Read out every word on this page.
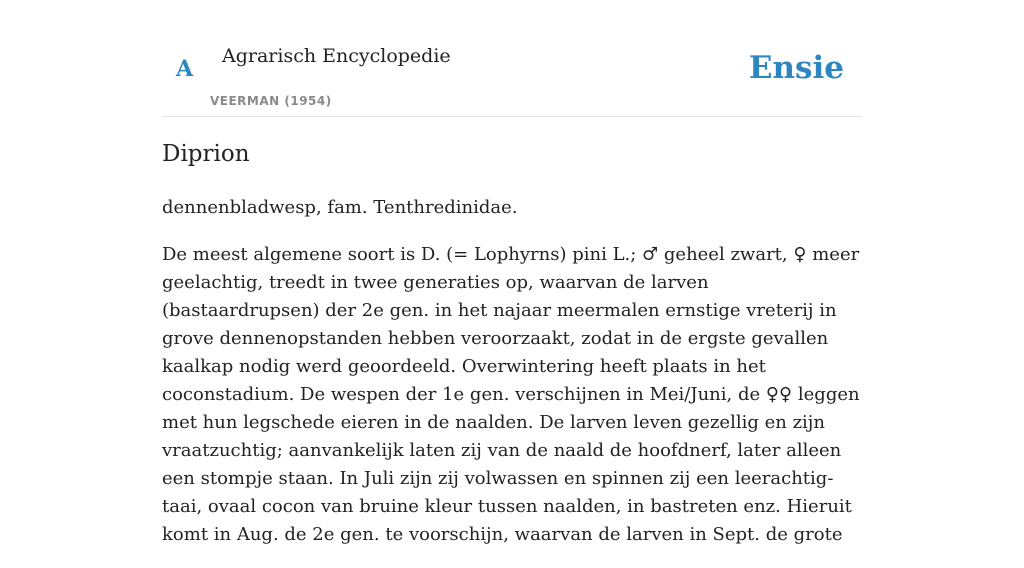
A Agrarisch Encyclopedie
VEERMAN (1954)
Ensie
Diprion

dennenbladwesp, fam. Tenthredinidae.

De meest algemene soort is D. (= Lophyrns) pini L.; ♂ geheel zwart, ♀ meer geelachtig, treedt in twee generaties op, waarvan de larven (bastaardrupsen) der 2e gen. in het najaar meermalen ernstige vreterij in grove dennenopstanden hebben veroorzaakt, zodat in de ergste gevallen kaalkap nodig werd geoordeeld. Overwintering heeft plaats in het coconstadium. De wespen der 1e gen. verschijnen in Mei/Juni, de ♀♀ leggen met hun legschede eieren in de naalden. De larven leven gezellig en zijn vraatzuchtig; aanvankelijk laten zij van de naald de hoofdnerf, later alleen een stompje staan. In Juli zijn zij volwassen en spinnen zij een leerachtig-taai, ovaal cocon van bruine kleur tussen naalden, in bastreten enz. Hieruit komt in Aug. de 2e gen. te voorschijn, waarvan de larven in Sept. de grote
